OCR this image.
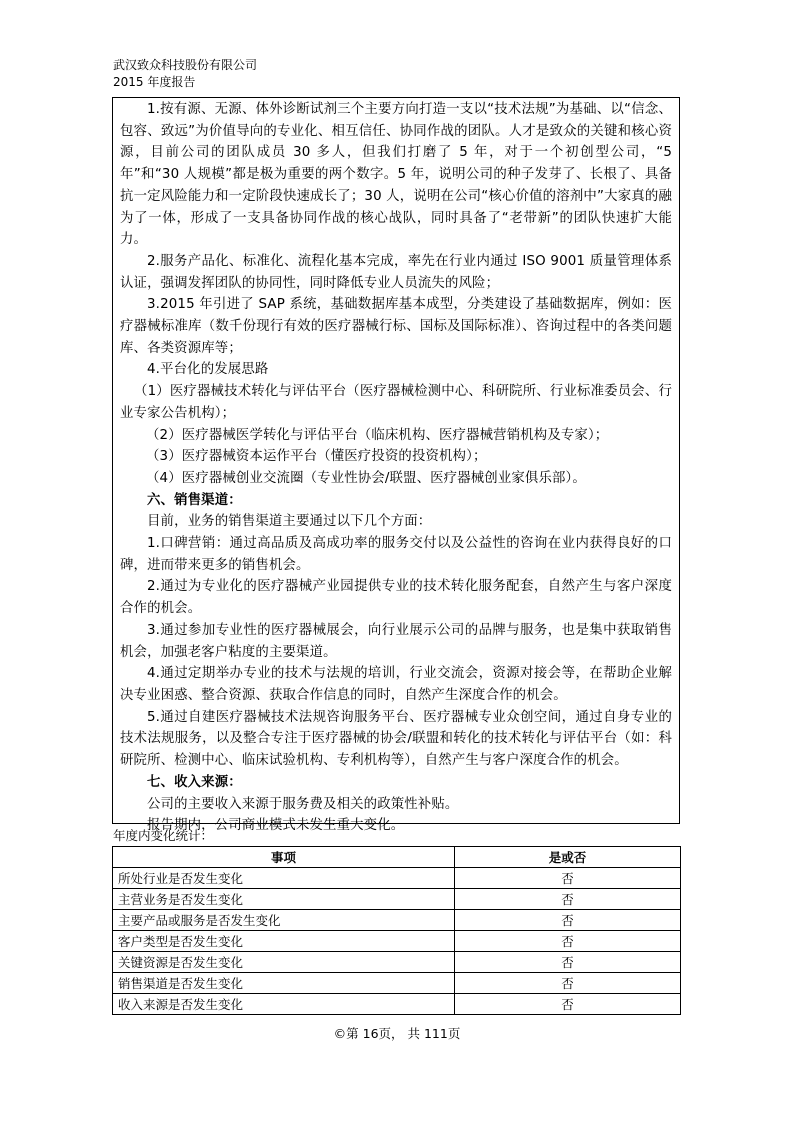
武汉致众科技股份有限公司
2015 年度报告

1.按有源、无源、体外诊断试剂三个主要方向打造一支以“技术法规”为基础、以“信念、包容、致远”为价值导向的专业化、相互信任、协同作战的团队。人才是致众的关键和核心资源，目前公司的团队成员 30 多人，但我们打磨了 5 年，对于一个初创型公司，“5 年”和“30 人规模”都是极为重要的两个数字。5 年，说明公司的种子发芽了、长根了、具备抗一定风险能力和一定阶段快速成长了；30 人，说明在公司“核心价值的溶剂中”大家真的融为了一体，形成了一支具备协同作战的核心战队，同时具备了“老带新”的团队快速扩大能力。

2.服务产品化、标准化、流程化基本完成，率先在行业内通过 ISO 9001 质量管理体系认证，强调发挥团队的协同性，同时降低专业人员流失的风险；

3.2015 年引进了 SAP 系统，基础数据库基本成型，分类建设了基础数据库，例如：医疗器械标准库（数千份现行有效的医疗器械行标、国标及国际标准）、咨询过程中的各类问题库、各类资源库等；

4.平台化的发展思路

（1）医疗器械技术转化与评估平台（医疗器械检测中心、科研院所、行业标准委员会、行业专家公告机构）；

（2）医疗器械医学转化与评估平台（临床机构、医疗器械营销机构及专家）；

（3）医疗器械资本运作平台（懂医疗投资的投资机构）；

（4）医疗器械创业交流圈（专业性协会/联盟、医疗器械创业家俱乐部）。

六、销售渠道：

目前，业务的销售渠道主要通过以下几个方面：

1.口碑营销：通过高品质及高成功率的服务交付以及公益性的咨询在业内获得良好的口碑，进而带来更多的销售机会。

2.通过为专业化的医疗器械产业园提供专业的技术转化服务配套，自然产生与客户深度合作的机会。

3.通过参加专业性的医疗器械展会，向行业展示公司的品牌与服务，也是集中获取销售机会，加强老客户粘度的主要渠道。

4.通过定期举办专业的技术与法规的培训，行业交流会，资源对接会等，在帮助企业解决专业困惑、整合资源、获取合作信息的同时，自然产生深度合作的机会。

5.通过自建医疗器械技术法规咨询服务平台、医疗器械专业众创空间，通过自身专业的技术法规服务，以及整合专注于医疗器械的协会/联盟和转化的技术转化与评估平台（如：科研院所、检测中心、临床试验机构、专利机构等），自然产生与客户深度合作的机会。

七、收入来源：

公司的主要收入来源于服务费及相关的政策性补贴。

报告期内，公司商业模式未发生重大变化。

年度内变化统计：
事项	是或否
所处行业是否发生变化	否
主营业务是否发生变化	否
主要产品或服务是否发生变化	否
客户类型是否发生变化	否
关键资源是否发生变化	否
销售渠道是否发生变化	否
收入来源是否发生变化	否
©第 16页， 共 111页
